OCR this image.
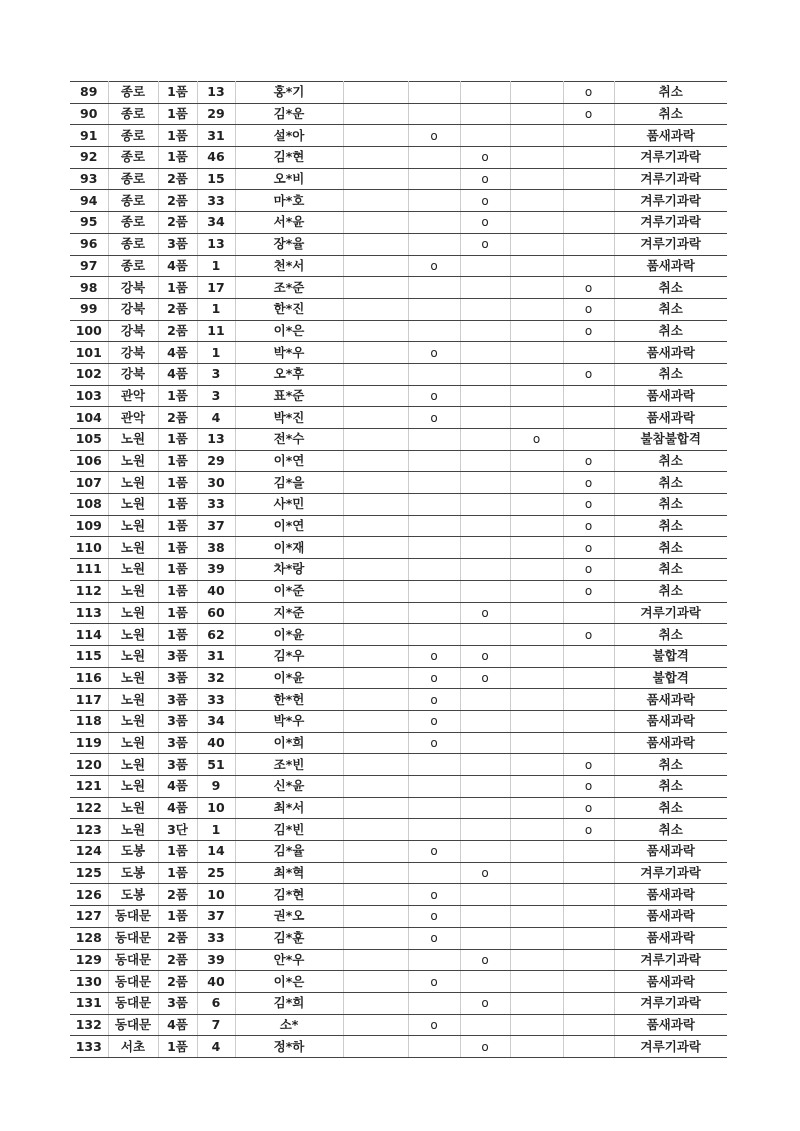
89	종로	1품	13	홍*기					o	취소
90	종로	1품	29	김*운					o	취소
91	종로	1품	31	설*아		o				품새과락
92	종로	1품	46	김*현			o			겨루기과락
93	종로	2품	15	오*비			o			겨루기과락
94	종로	2품	33	마*호			o			겨루기과락
95	종로	2품	34	서*윤			o			겨루기과락
96	종로	3품	13	장*율			o			겨루기과락
97	종로	4품	1	천*서		o				품새과락
98	강북	1품	17	조*준					o	취소
99	강북	2품	1	한*진					o	취소
100	강북	2품	11	이*은					o	취소
101	강북	4품	1	박*우		o				품새과락
102	강북	4품	3	오*후					o	취소
103	관악	1품	3	표*준		o				품새과락
104	관악	2품	4	박*진		o				품새과락
105	노원	1품	13	전*수				o		불참불합격
106	노원	1품	29	이*연					o	취소
107	노원	1품	30	김*을					o	취소
108	노원	1품	33	사*민					o	취소
109	노원	1품	37	이*연					o	취소
110	노원	1품	38	이*재					o	취소
111	노원	1품	39	차*랑					o	취소
112	노원	1품	40	이*준					o	취소
113	노원	1품	60	지*준			o			겨루기과락
114	노원	1품	62	이*윤					o	취소
115	노원	3품	31	김*우		o	o			불합격
116	노원	3품	32	이*윤		o	o			불합격
117	노원	3품	33	한*헌		o				품새과락
118	노원	3품	34	박*우		o				품새과락
119	노원	3품	40	이*희		o				품새과락
120	노원	3품	51	조*빈					o	취소
121	노원	4품	9	신*윤					o	취소
122	노원	4품	10	최*서					o	취소
123	노원	3단	1	김*빈					o	취소
124	도봉	1품	14	김*율		o				품새과락
125	도봉	1품	25	최*혁			o			겨루기과락
126	도봉	2품	10	김*현		o				품새과락
127	동대문	1품	37	권*오		o				품새과락
128	동대문	2품	33	김*훈		o				품새과락
129	동대문	2품	39	안*우			o			겨루기과락
130	동대문	2품	40	이*은		o				품새과락
131	동대문	3품	6	김*희			o			겨루기과락
132	동대문	4품	7	소*		o				품새과락
133	서초	1품	4	정*하			o			겨루기과락
